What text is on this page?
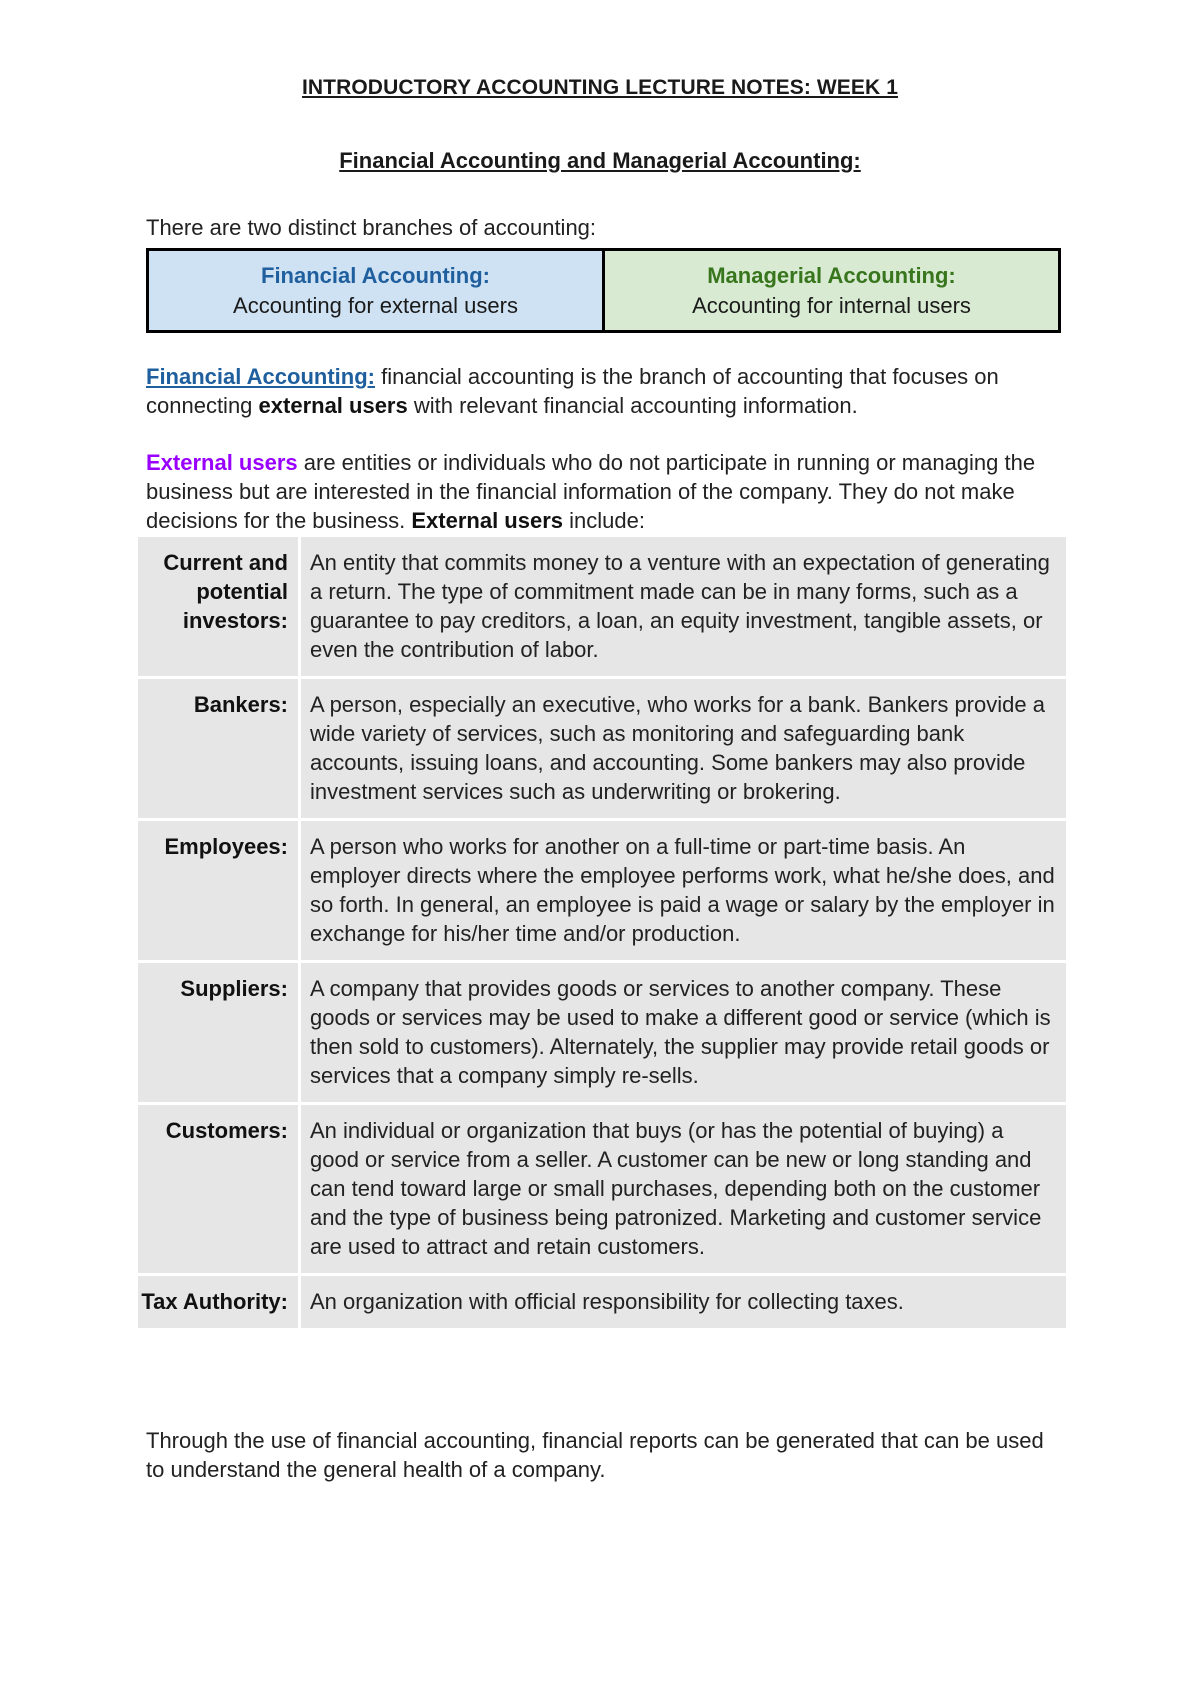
INTRODUCTORY ACCOUNTING LECTURE NOTES: WEEK 1
Financial Accounting and Managerial Accounting:
There are two distinct branches of accounting:
Financial Accounting:
Accounting for external users
Managerial Accounting:
Accounting for internal users
Financial Accounting: financial accounting is the branch of accounting that focuses on connecting external users with relevant financial accounting information.
External users are entities or individuals who do not participate in running or managing the business but are interested in the financial information of the company. They do not make decisions for the business. External users include:
Current and potential investors:
An entity that commits money to a venture with an expectation of generating a return. The type of commitment made can be in many forms, such as a guarantee to pay creditors, a loan, an equity investment, tangible assets, or even the contribution of labor.
Bankers:	A person, especially an executive, who works for a bank. Bankers provide a wide variety of services, such as monitoring and safeguarding bank accounts, issuing loans, and accounting. Some bankers may also provide investment services such as underwriting or brokering.
Employees:	A person who works for another on a full-time or part-time basis. An employer directs where the employee performs work, what he/she does, and so forth. In general, an employee is paid a wage or salary by the employer in exchange for his/her time and/or production.
Suppliers:	A company that provides goods or services to another company. These goods or services may be used to make a different good or service (which is then sold to customers). Alternately, the supplier may provide retail goods or services that a company simply re-sells.
Customers:	An individual or organization that buys (or has the potential of buying) a good or service from a seller. A customer can be new or long standing and can tend toward large or small purchases, depending both on the customer and the type of business being patronized. Marketing and customer service are used to attract and retain customers.
Tax Authority:	An organization with official responsibility for collecting taxes.
Through the use of financial accounting, financial reports can be generated that can be used to understand the general health of a company.
